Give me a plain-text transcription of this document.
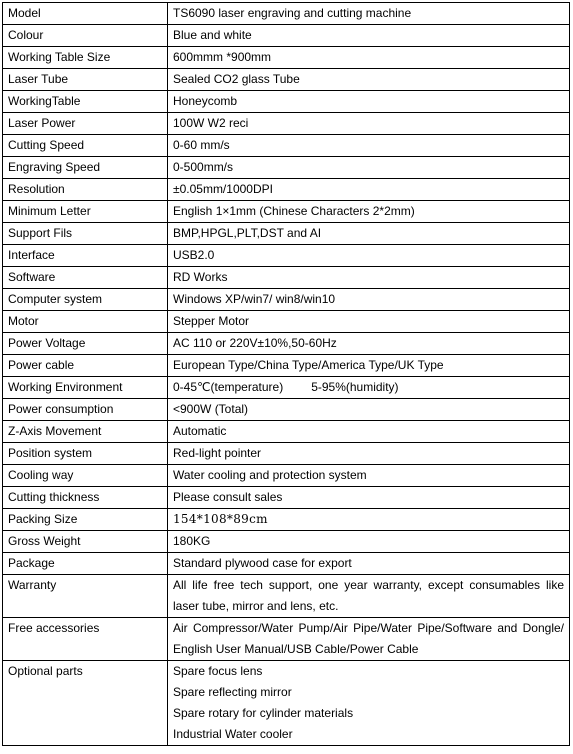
Model	TS6090 laser engraving and cutting machine
Colour	Blue and white
Working Table Size	600mmm *900mm
Laser Tube	Sealed CO2 glass Tube
WorkingTable	Honeycomb
Laser Power	100W W2 reci
Cutting Speed	0-60 mm/s
Engraving Speed	0-500mm/s
Resolution	±0.05mm/1000DPI
Minimum Letter	English 1×1mm (Chinese Characters 2*2mm)
Support Fils	BMP,HPGL,PLT,DST and AI
Interface	USB2.0
Software	RD Works
Computer system	Windows XP/win7/ win8/win10
Motor	Stepper Motor
Power Voltage	AC 110 or 220V±10%,50-60Hz
Power cable	European Type/China Type/America Type/UK Type
Working Environment	0-45℃(temperature) 5-95%(humidity)
Power consumption	<900W (Total)
Z-Axis Movement	Automatic
Position system	Red-light pointer
Cooling way	Water cooling and protection system
Cutting thickness	Please consult sales
Packing Size	154*108*89cm
Gross Weight	180KG
Package	Standard plywood case for export
Warranty	All life free tech support, one year warranty, except consumables like laser tube, mirror and lens, etc.
Free accessories	Air Compressor/Water Pump/Air Pipe/Water Pipe/Software and Dongle/ English User Manual/USB Cable/Power Cable
Optional parts	Spare focus lens
Spare reflecting mirror
Spare rotary for cylinder materials
Industrial Water cooler
